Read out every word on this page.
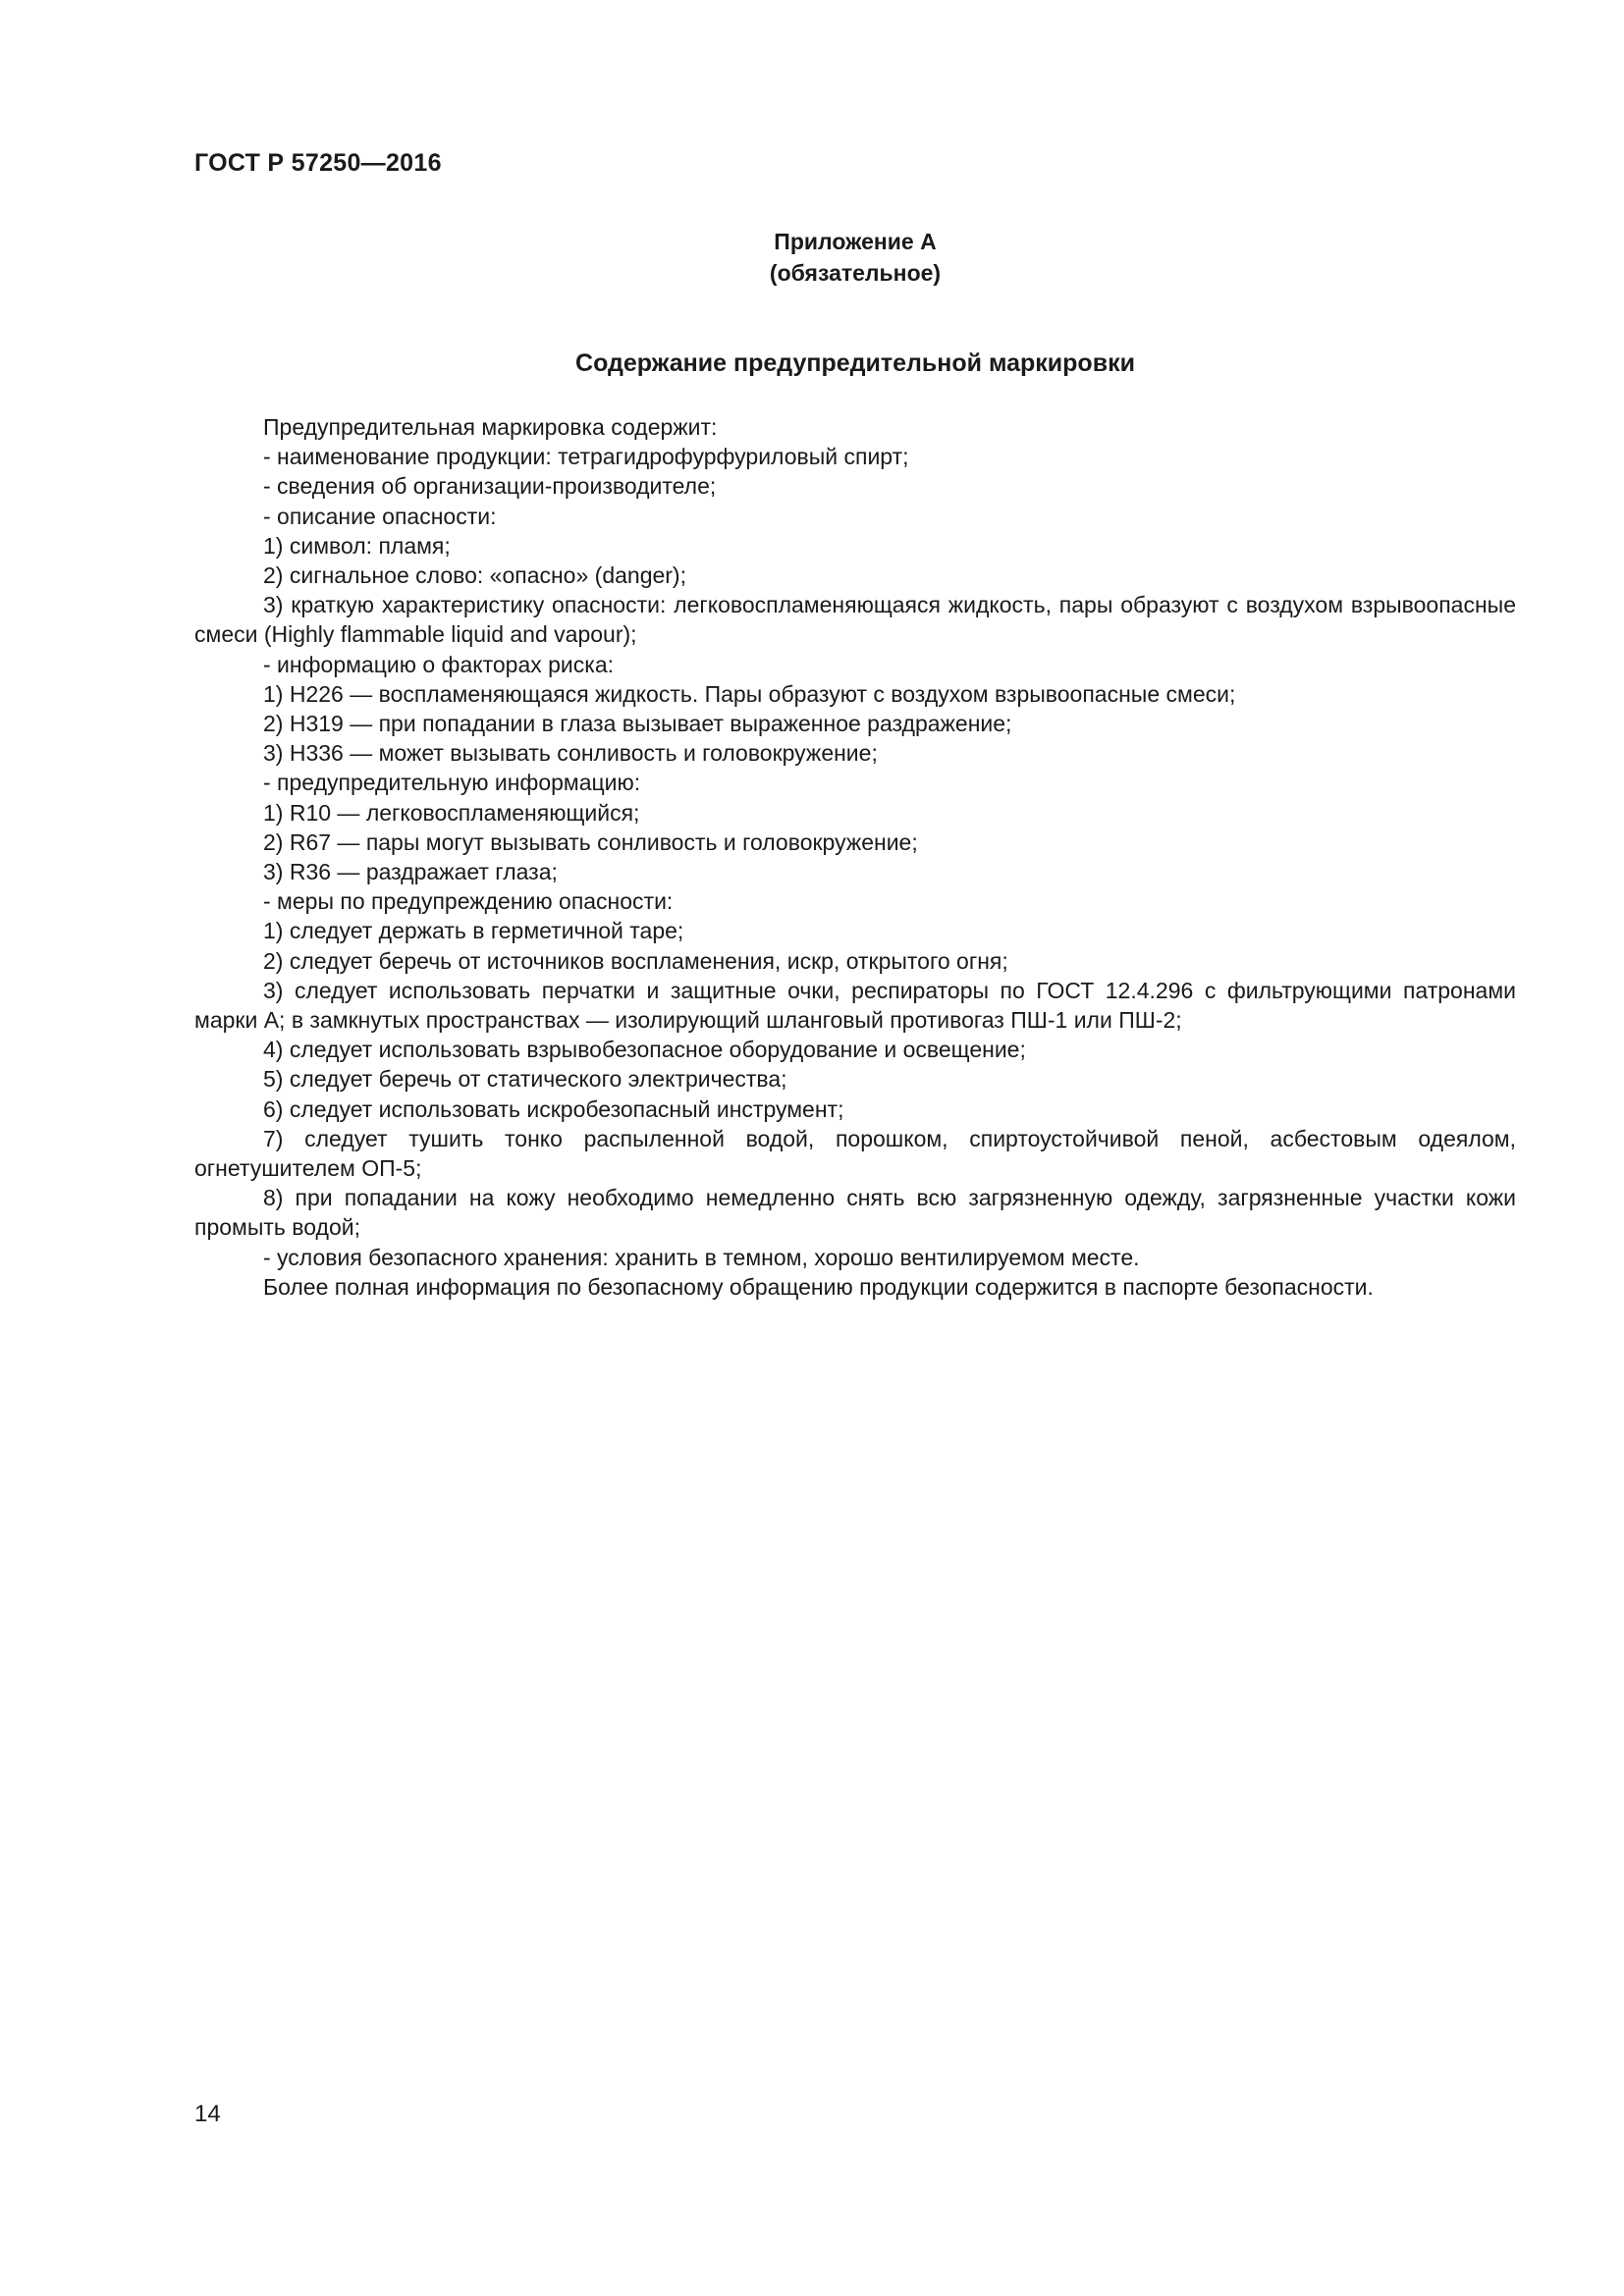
ГОСТ Р 57250—2016
Приложение А
(обязательное)
Содержание предупредительной маркировки
Предупредительная маркировка содержит:
- наименование продукции: тетрагидрофурфуриловый спирт;
- сведения об организации-производителе;
- описание опасности:
1) символ: пламя;
2) сигнальное слово: «опасно» (danger);
3) краткую характеристику опасности: легковоспламеняющаяся жидкость, пары образуют с воздухом взрывоопасные смеси (Highly flammable liquid and vapour);
- информацию о факторах риска:
1) Н226 — воспламеняющаяся жидкость. Пары образуют с воздухом взрывоопасные смеси;
2) Н319 — при попадании в глаза вызывает выраженное раздражение;
3) Н336 — может вызывать сонливость и головокружение;
- предупредительную информацию:
1) R10 — легковоспламеняющийся;
2) R67 — пары могут вызывать сонливость и головокружение;
3) R36 — раздражает глаза;
- меры по предупреждению опасности:
1) следует держать в герметичной таре;
2) следует беречь от источников воспламенения, искр, открытого огня;
3) следует использовать перчатки и защитные очки, респираторы по ГОСТ 12.4.296 с фильтрующими патронами марки А; в замкнутых пространствах — изолирующий шланговый противогаз ПШ-1 или ПШ-2;
4) следует использовать взрывобезопасное оборудование и освещение;
5) следует беречь от статического электричества;
6) следует использовать искробезопасный инструмент;
7) следует тушить тонко распыленной водой, порошком, спиртоустойчивой пеной, асбестовым одеялом, огнетушителем ОП-5;
8) при попадании на кожу необходимо немедленно снять всю загрязненную одежду, загрязненные участки кожи промыть водой;
- условия безопасного хранения: хранить в темном, хорошо вентилируемом месте.
Более полная информация по безопасному обращению продукции содержится в паспорте безопасности.
14
